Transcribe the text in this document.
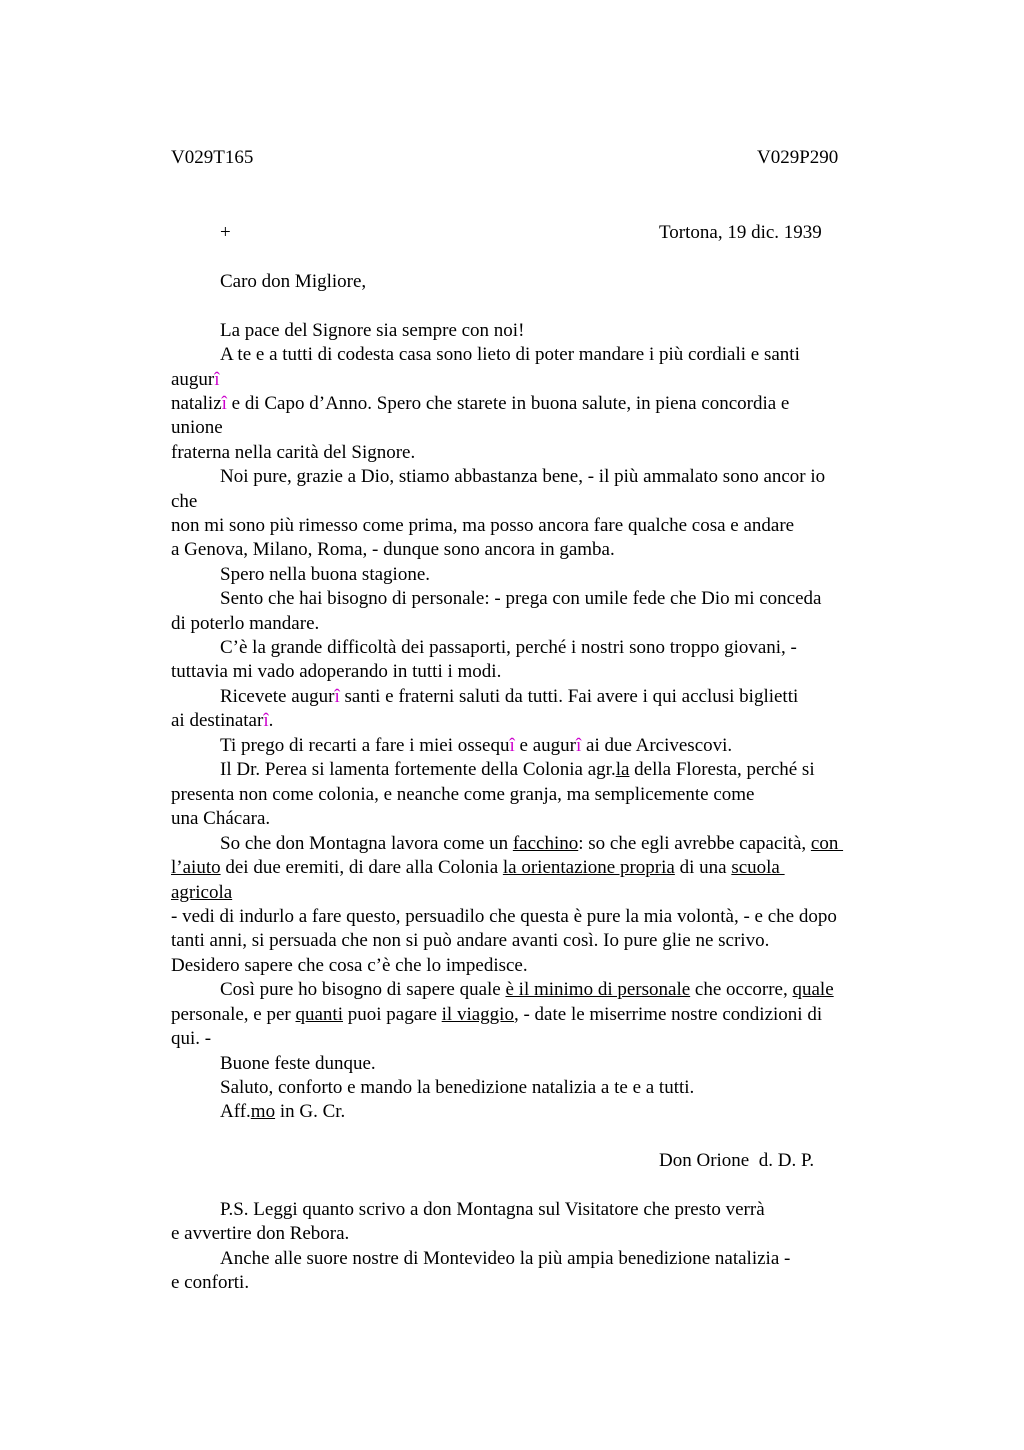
V029T165	V029P290
+	Tortona, 19 dic. 1939
Caro don Migliore,
La pace del Signore sia sempre con noi!
A te e a tutti di codesta casa sono lieto di poter mandare i più cordiali e santi
augurî
natalizî e di Capo d’Anno. Spero che starete in buona salute, in piena concordia e
unione
fraterna nella carità del Signore.
Noi pure, grazie a Dio, stiamo abbastanza bene, - il più ammalato sono ancor io
che
non mi sono più rimesso come prima, ma posso ancora fare qualche cosa e andare
a Genova, Milano, Roma, - dunque sono ancora in gamba.
Spero nella buona stagione.
Sento che hai bisogno di personale: - prega con umile fede che Dio mi conceda
di poterlo mandare.
C’è la grande difficoltà dei passaporti, perché i nostri sono troppo giovani, -
tuttavia mi vado adoperando in tutti i modi.
Ricevete augurî santi e fraterni saluti da tutti. Fai avere i qui acclusi biglietti
ai destinatarî.
Ti prego di recarti a fare i miei ossequî e augurî ai due Arcivescovi.
Il Dr. Perea si lamenta fortemente della Colonia agr.la della Floresta, perché si
presenta non come colonia, e neanche come granja, ma semplicemente come
una Chácara.
So che don Montagna lavora come un facchino: so che egli avrebbe capacità, con
l’aiuto dei due eremiti, di dare alla Colonia la orientazione propria di una scuola
agricola
- vedi di indurlo a fare questo, persuadilo che questa è pure la mia volontà, - e che dopo
tanti anni, si persuada che non si può andare avanti così. Io pure glie ne scrivo.
Desidero sapere che cosa c’è che lo impedisce.
Così pure ho bisogno di sapere quale è il minimo di personale che occorre, quale
personale, e per quanti puoi pagare il viaggio, - date le miserrime nostre condizioni di
qui. -
Buone feste dunque.
Saluto, conforto e mando la benedizione natalizia a te e a tutti.
Aff.mo in G. Cr.
Don Orione  d. D. P.
P.S. Leggi quanto scrivo a don Montagna sul Visitatore che presto verrà
e avvertire don Rebora.
Anche alle suore nostre di Montevideo la più ampia benedizione natalizia -
e conforti.
